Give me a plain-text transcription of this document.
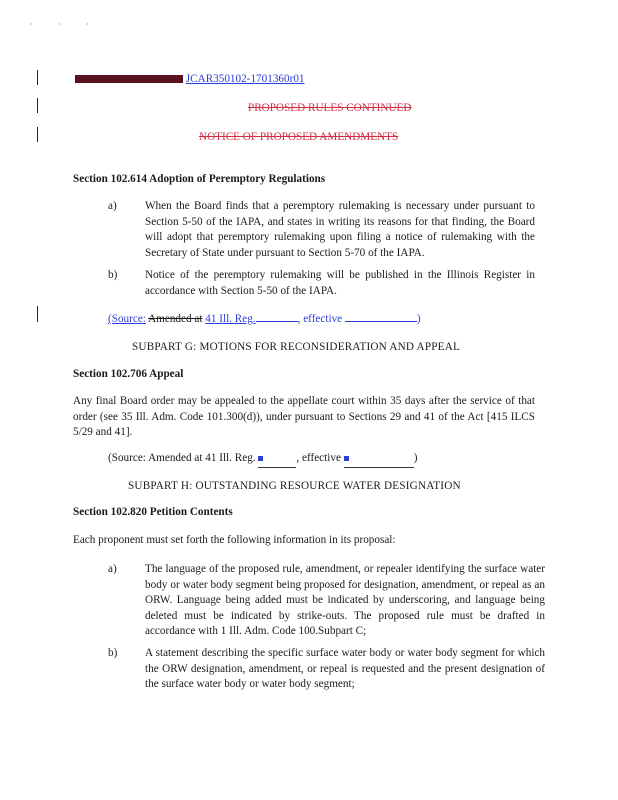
' ' '
JCAR350102-1701360r01
PROPOSED RULES CONTINUED
NOTICE OF PROPOSED AMENDMENTS
Section 102.614 Adoption of Peremptory Regulations
a)	When the Board finds that a peremptory rulemaking is necessary under pursuant to Section 5-50 of the IAPA, and states in writing its reasons for that finding, the Board will adopt that peremptory rulemaking upon filing a notice of rulemaking with the Secretary of State under pursuant to Section 5-70 of the IAPA.
b) Notice of the peremptory rulemaking will be published in the Illinois Register in accordance with Section 5-50 of the IAPA.
(Source: Amended at 41 Ill. Reg.	, effective	)
SUBPART G: MOTIONS FOR RECONSIDERATION AND APPEAL
Section 102.706 Appeal
Any final Board order may be appealed to the appellate court within 35 days after the service of that order (see 35 Ill. Adm. Code 101.300(d)), under pursuant to Sections 29 and 41 of the Act [415 ILCS 5/29 and 41].
(Source: Amended at 41 Ill. Reg.	, effective	)
SUBPART H: OUTSTANDING RESOURCE WATER DESIGNATION
Section 102.820 Petition Contents
Each proponent must set forth the following information in its proposal:
a)	The language of the proposed rule, amendment, or repealer identifying the surface water body or water body segment being proposed for designation, amendment, or repeal as an ORW. Language being added must be indicated by underscoring, and language being deleted must be indicated by strike-outs. The proposed rule must be drafted in accordance with 1 Ill. Adm. Code 100.Subpart C;
b) A statement describing the specific surface water body or water body segment for which the ORW designation, amendment, or repeal is requested and the present designation of the surface water body or water body segment;
